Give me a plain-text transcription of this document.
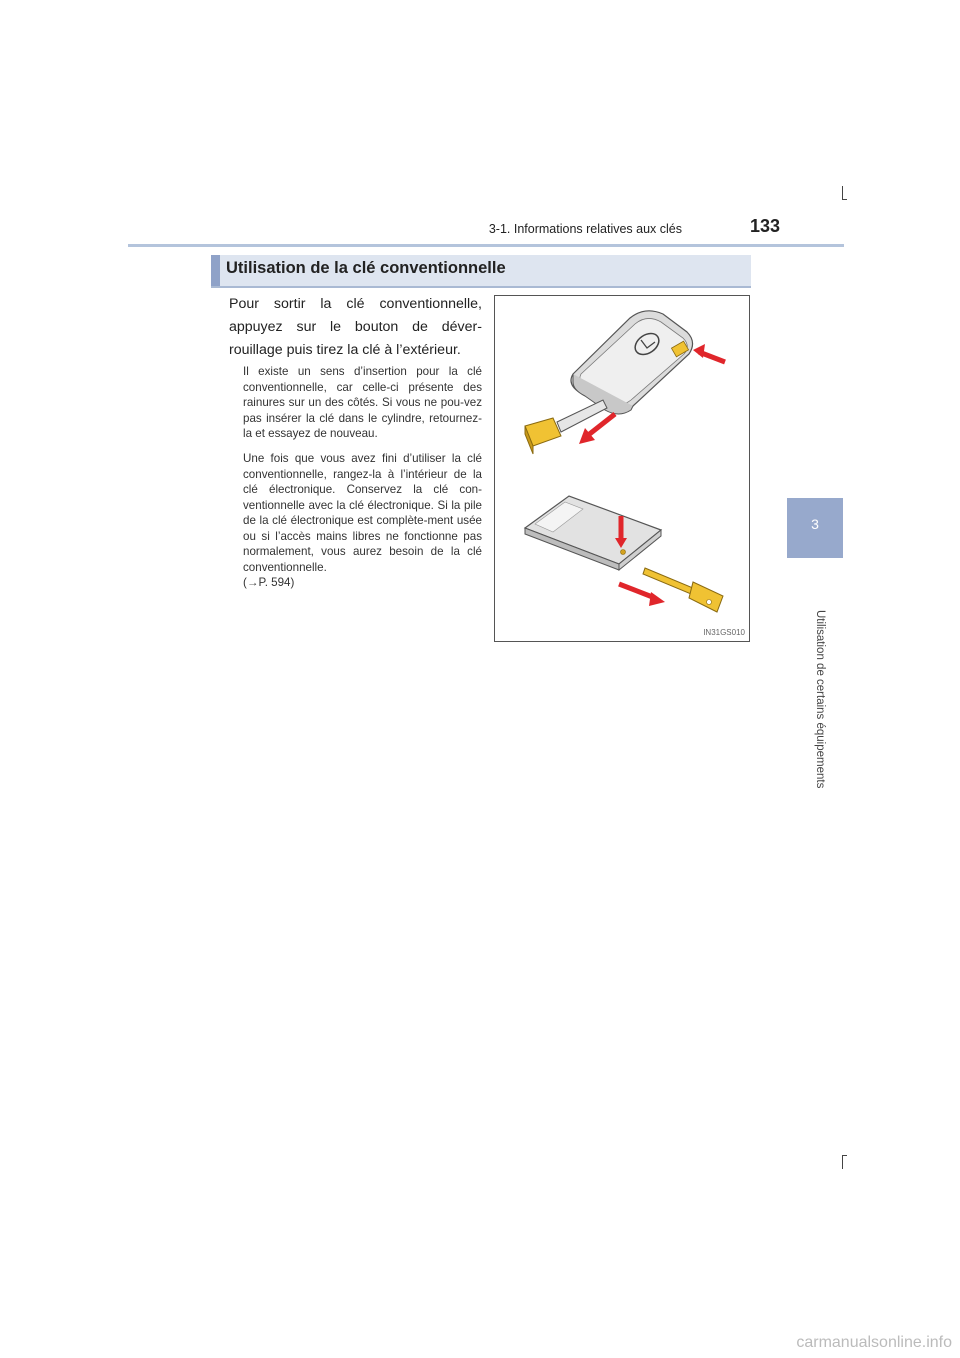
3-1. Informations relatives aux clés	133
3
Utilisation de certains équipements
Utilisation de la clé conventionnelle
Pour sortir la clé conventionnelle, appuyez sur le bouton de déver-rouillage puis tirez la clé à l’extérieur.
Il existe un sens d’insertion pour la clé conventionnelle, car celle-ci présente des rainures sur un des côtés. Si vous ne pou-vez pas insérer la clé dans le cylindre, retournez-la et essayez de nouveau.
Une fois que vous avez fini d’utiliser la clé conventionnelle, rangez-la à l’intérieur de la clé électronique. Conservez la clé con-ventionnelle avec la clé électronique. Si la pile de la clé électronique est complète-ment usée ou si l’accès mains libres ne fonctionne pas normalement, vous aurez besoin de la clé conventionnelle.
(→P. 594)
IN31GS010
carmanualsonline.info
